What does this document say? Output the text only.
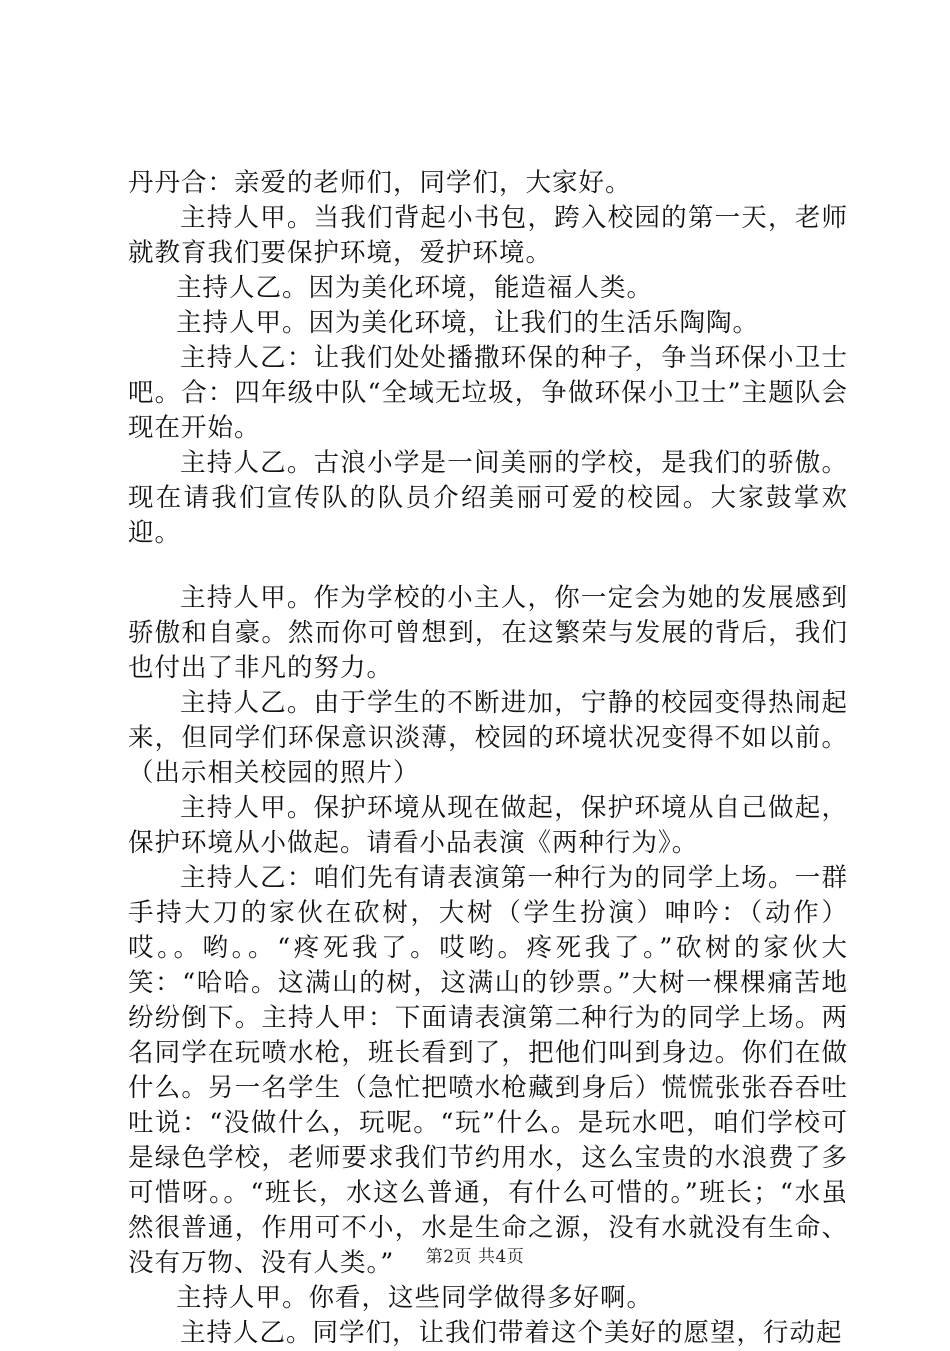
丹丹合：亲爱的老师们，同学们，大家好。

主持人甲。当我们背起小书包，跨入校园的第一天，老师就教育我们要保护环境，爱护环境。

主持人乙。因为美化环境，能造福人类。

主持人甲。因为美化环境，让我们的生活乐陶陶。

主持人乙：让我们处处播撒环保的种子，争当环保小卫士吧。合：四年级中队“全域无垃圾，争做环保小卫士”主题队会现在开始。

主持人乙。古浪小学是一间美丽的学校，是我们的骄傲。现在请我们宣传队的队员介绍美丽可爱的校园。大家鼓掌欢迎。

主持人甲。作为学校的小主人，你一定会为她的发展感到骄傲和自豪。然而你可曾想到，在这繁荣与发展的背后，我们也付出了非凡的努力。

主持人乙。由于学生的不断进加，宁静的校园变得热闹起来，但同学们环保意识淡薄，校园的环境状况变得不如以前。（出示相关校园的照片）

主持人甲。保护环境从现在做起，保护环境从自己做起，保护环境从小做起。请看小品表演《两种行为》。

主持人乙：咱们先有请表演第一种行为的同学上场。一群手持大刀的家伙在砍树，大树（学生扮演）呻吟：（动作）哎。。哟。。“疼死我了。哎哟。疼死我了。”砍树的家伙大笑：“哈哈。这满山的树，这满山的钞票。”大树一棵棵痛苦地纷纷倒下。主持人甲：下面请表演第二种行为的同学上场。两名同学在玩喷水枪，班长看到了，把他们叫到身边。你们在做什么。另一名学生（急忙把喷水枪藏到身后）慌慌张张吞吞吐吐说：“没做什么，玩呢。“玩”什么。是玩水吧，咱们学校可是绿色学校，老师要求我们节约用水，这么宝贵的水浪费了多可惜呀。。“班长，水这么普通，有什么可惜的。”班长；“水虽然很普通，作用可不小，水是生命之源，没有水就没有生命、没有万物、没有人类。”

主持人甲。你看，这些同学做得多好啊。

主持人乙。同学们，让我们带着这个美好的愿望，行动起

第2页 共4页
